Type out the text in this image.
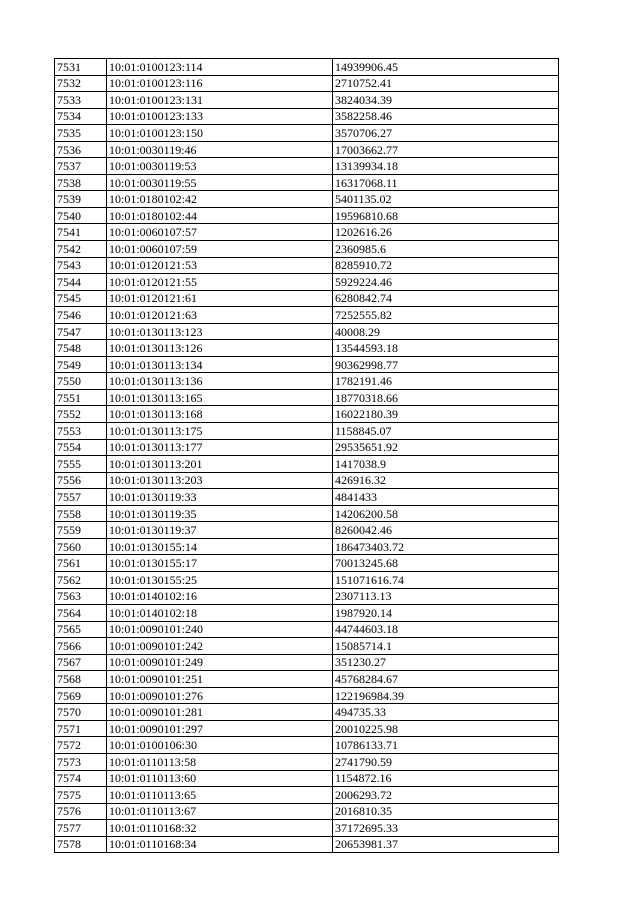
7531	10:01:0100123:114	14939906.45
7532	10:01:0100123:116	2710752.41
7533	10:01:0100123:131	3824034.39
7534	10:01:0100123:133	3582258.46
7535	10:01:0100123:150	3570706.27
7536	10:01:0030119:46	17003662.77
7537	10:01:0030119:53	13139934.18
7538	10:01:0030119:55	16317068.11
7539	10:01:0180102:42	5401135.02
7540	10:01:0180102:44	19596810.68
7541	10:01:0060107:57	1202616.26
7542	10:01:0060107:59	2360985.6
7543	10:01:0120121:53	8285910.72
7544	10:01:0120121:55	5929224.46
7545	10:01:0120121:61	6280842.74
7546	10:01:0120121:63	7252555.82
7547	10:01:0130113:123	40008.29
7548	10:01:0130113:126	13544593.18
7549	10:01:0130113:134	90362998.77
7550	10:01:0130113:136	1782191.46
7551	10:01:0130113:165	18770318.66
7552	10:01:0130113:168	16022180.39
7553	10:01:0130113:175	1158845.07
7554	10:01:0130113:177	29535651.92
7555	10:01:0130113:201	1417038.9
7556	10:01:0130113:203	426916.32
7557	10:01:0130119:33	4841433
7558	10:01:0130119:35	14206200.58
7559	10:01:0130119:37	8260042.46
7560	10:01:0130155:14	186473403.72
7561	10:01:0130155:17	70013245.68
7562	10:01:0130155:25	151071616.74
7563	10:01:0140102:16	2307113.13
7564	10:01:0140102:18	1987920.14
7565	10:01:0090101:240	44744603.18
7566	10:01:0090101:242	15085714.1
7567	10:01:0090101:249	351230.27
7568	10:01:0090101:251	45768284.67
7569	10:01:0090101:276	122196984.39
7570	10:01:0090101:281	494735.33
7571	10:01:0090101:297	20010225.98
7572	10:01:0100106:30	10786133.71
7573	10:01:0110113:58	2741790.59
7574	10:01:0110113:60	1154872.16
7575	10:01:0110113:65	2006293.72
7576	10:01:0110113:67	2016810.35
7577	10:01:0110168:32	37172695.33
7578	10:01:0110168:34	20653981.37
